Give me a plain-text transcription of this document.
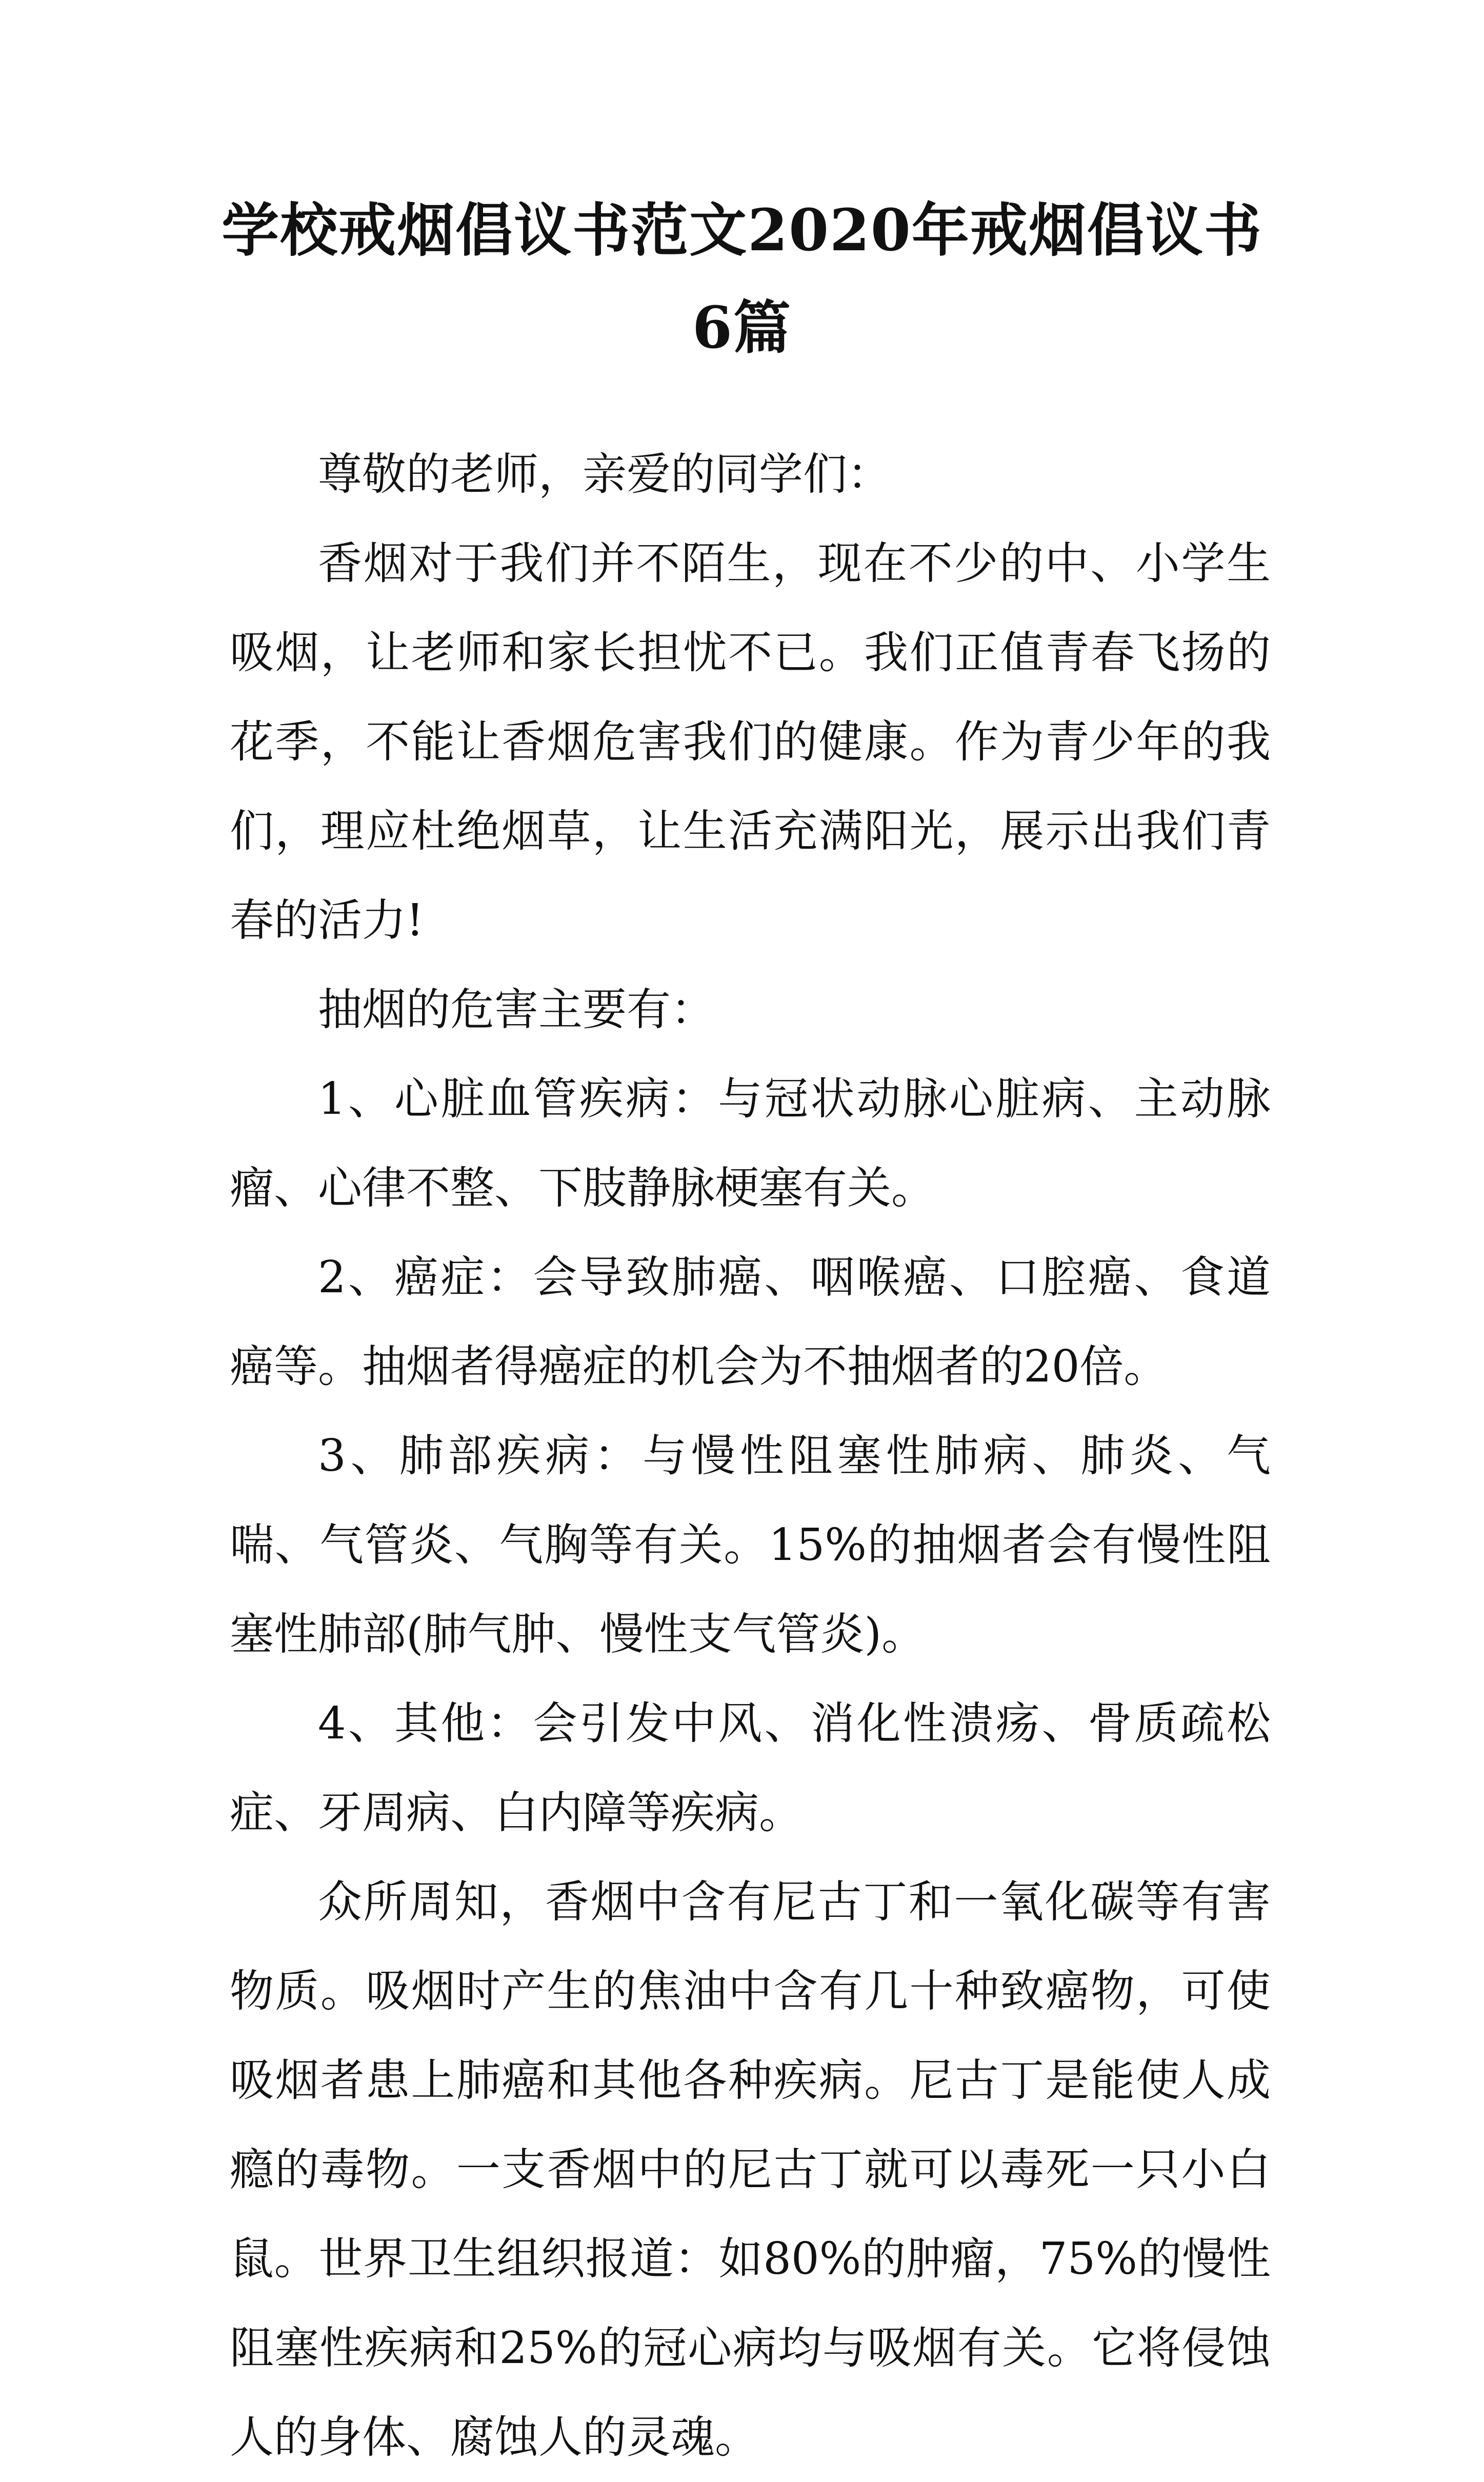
学校戒烟倡议书范文2020年戒烟倡议书6篇

尊敬的老师，亲爱的同学们：

香烟对于我们并不陌生，现在不少的中、小学生吸烟，让老师和家长担忧不已。我们正值青春飞扬的花季，不能让香烟危害我们的健康。作为青少年的我们，理应杜绝烟草，让生活充满阳光，展示出我们青春的活力!

抽烟的危害主要有：

1、心脏血管疾病：与冠状动脉心脏病、主动脉瘤、心律不整、下肢静脉梗塞有关。

2、癌症：会导致肺癌、咽喉癌、口腔癌、食道癌等。抽烟者得癌症的机会为不抽烟者的20倍。

3、肺部疾病：与慢性阻塞性肺病、肺炎、气喘、气管炎、气胸等有关。15%的抽烟者会有慢性阻塞性肺部(肺气肿、慢性支气管炎)。

4、其他：会引发中风、消化性溃疡、骨质疏松症、牙周病、白内障等疾病。

众所周知，香烟中含有尼古丁和一氧化碳等有害物质。吸烟时产生的焦油中含有几十种致癌物，可使吸烟者患上肺癌和其他各种疾病。尼古丁是能使人成瘾的毒物。一支香烟中的尼古丁就可以毒死一只小白鼠。世界卫生组织报道：如80%的肿瘤，75%的慢性阻塞性疾病和25%的冠心病均与吸烟有关。它将侵蚀人的身体、腐蚀人的灵魂。
